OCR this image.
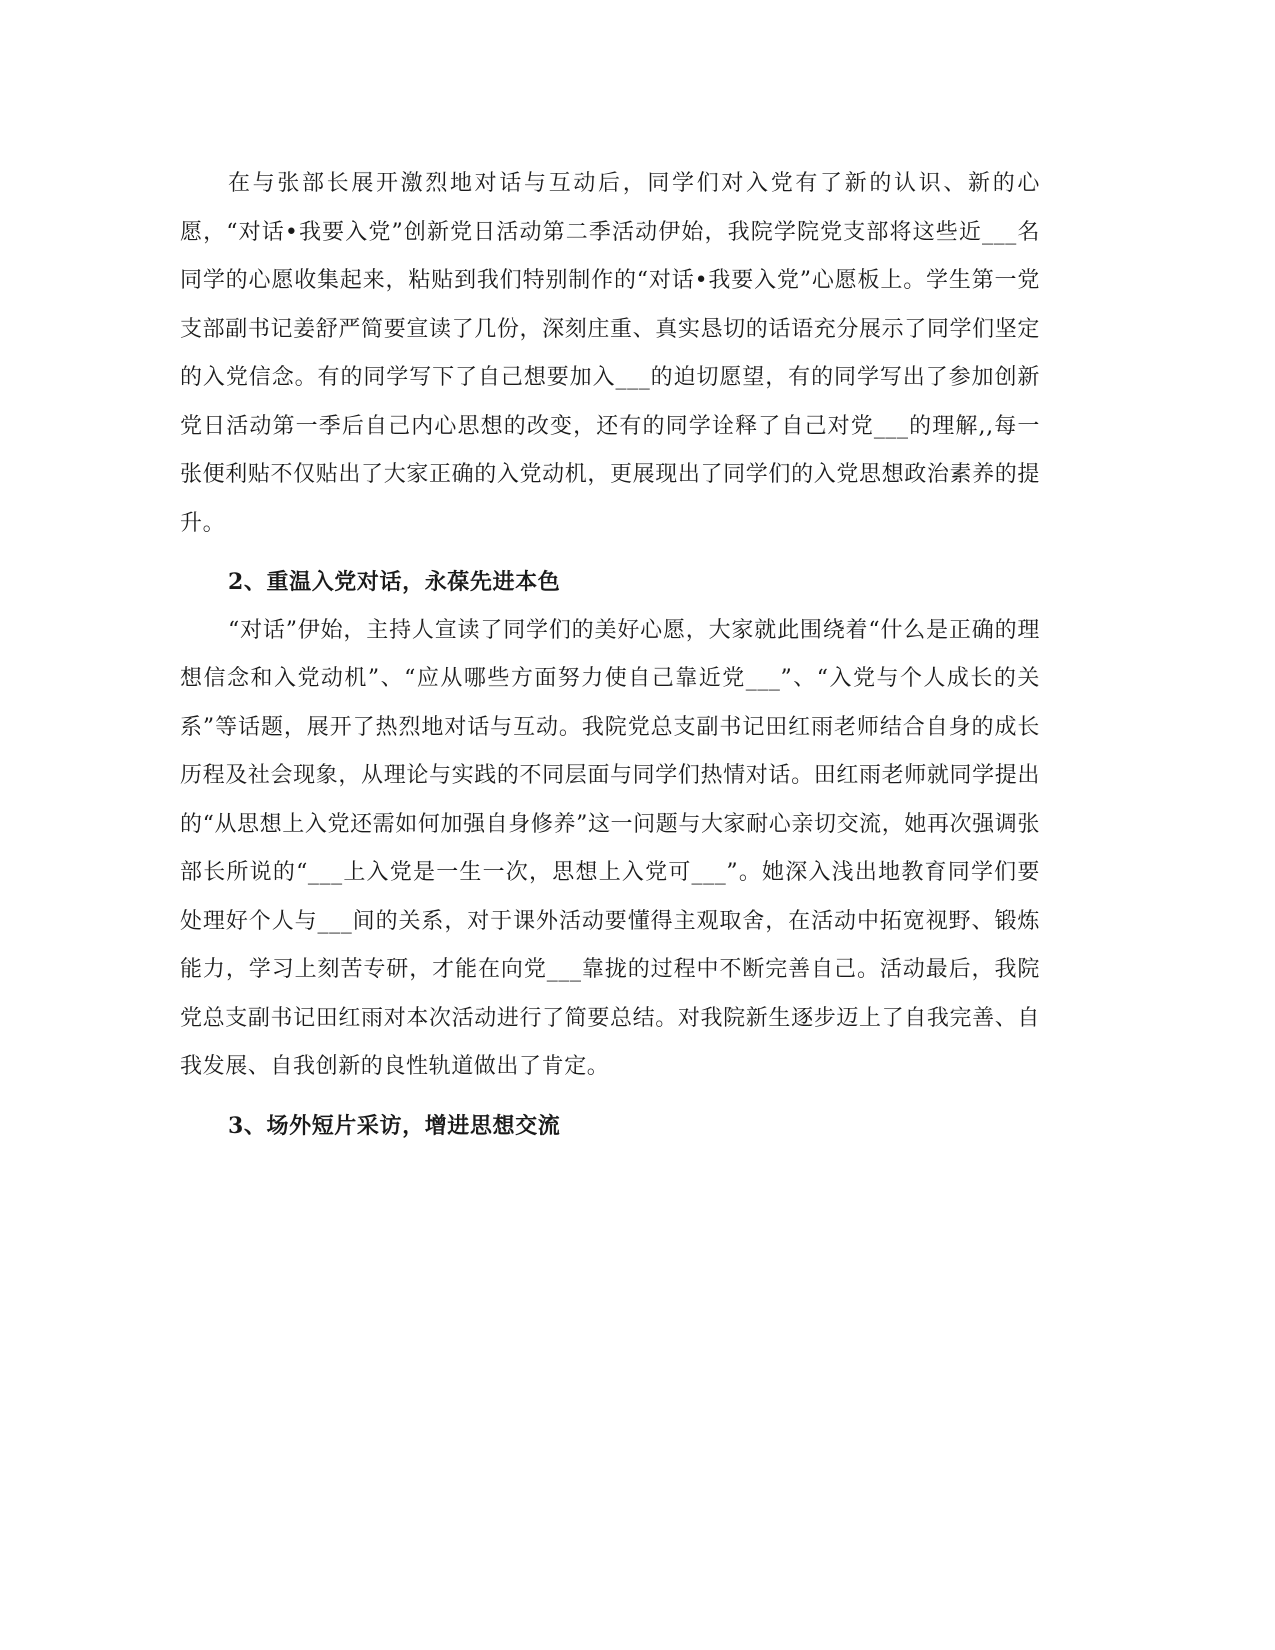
在与张部长展开激烈地对话与互动后，同学们对入党有了新的认识、新的心愿，“对话•我要入党”创新党日活动第二季活动伊始，我院学院党支部将这些近___名同学的心愿收集起来，粘贴到我们特别制作的“对话•我要入党”心愿板上。学生第一党支部副书记姜舒严简要宣读了几份，深刻庄重、真实恳切的话语充分展示了同学们坚定的入党信念。有的同学写下了自己想要加入___的迫切愿望，有的同学写出了参加创新党日活动第一季后自己内心思想的改变，还有的同学诠释了自己对党___的理解,,每一张便利贴不仅贴出了大家正确的入党动机，更展现出了同学们的入党思想政治素养的提升。

2、重温入党对话，永葆先进本色

“对话”伊始，主持人宣读了同学们的美好心愿，大家就此围绕着“什么是正确的理想信念和入党动机”、“应从哪些方面努力使自己靠近党___”、“入党与个人成长的关系”等话题，展开了热烈地对话与互动。我院党总支副书记田红雨老师结合自身的成长历程及社会现象，从理论与实践的不同层面与同学们热情对话。田红雨老师就同学提出的“从思想上入党还需如何加强自身修养”这一问题与大家耐心亲切交流，她再次强调张部长所说的“___上入党是一生一次，思想上入党可___”。她深入浅出地教育同学们要处理好个人与___间的关系，对于课外活动要懂得主观取舍，在活动中拓宽视野、锻炼能力，学习上刻苦专研，才能在向党___靠拢的过程中不断完善自己。活动最后，我院党总支副书记田红雨对本次活动进行了简要总结。对我院新生逐步迈上了自我完善、自我发展、自我创新的良性轨道做出了肯定。

3、场外短片采访，增进思想交流
